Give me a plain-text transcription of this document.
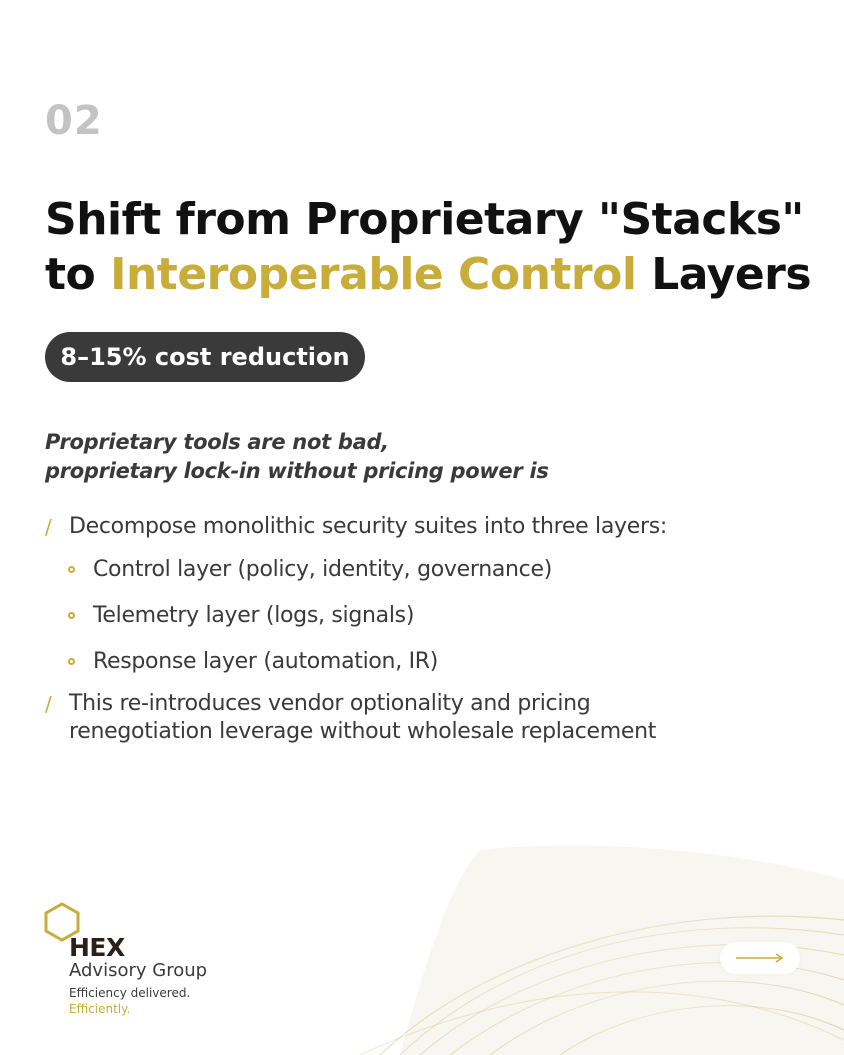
02
Shift from Proprietary "Stacks"
to Interoperable Control Layers
8–15% cost reduction
Proprietary tools are not bad,
proprietary lock-in without pricing power is
/ Decompose monolithic security suites into three layers:
Control layer (policy, identity, governance)
Telemetry layer (logs, signals)
Response layer (automation, IR)
/ This re-introduces vendor optionality and pricing renegotiation leverage without wholesale replacement
HEX
Advisory Group
Efficiency delivered.
Efficiently.
